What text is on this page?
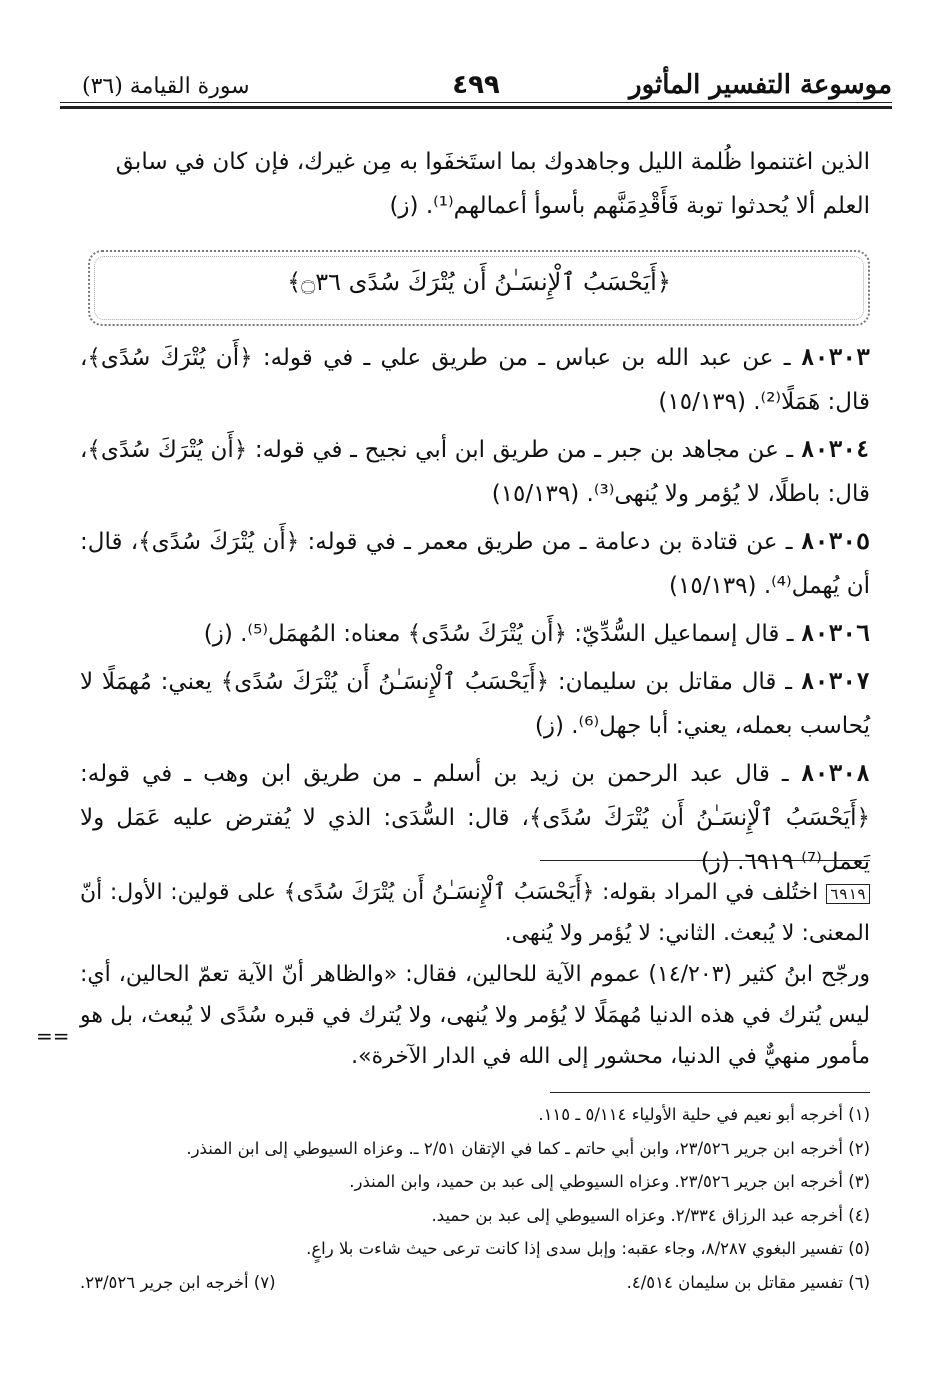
موسوعة التفسير المأثور
٤٩٩
سورة القيامة (٣٦)

الذين اغتنموا ظُلمة الليل وجاهدوك بما استَخفَوا به مِن غيرك، فإن كان في سابق

العلم ألا يُحدثوا توبة فَأَقْدِمَنَّهم بأسوأ أعمالهم⁽¹⁾. (ز)

﴿أَيَحْسَبُ ٱلْإِنسَـٰنُ أَن يُتْرَكَ سُدًى ۝٣٦﴾

٨٠٣٠٣ ـ عن عبد الله بن عباس ـ من طريق علي ـ في قوله: ﴿أَن يُتْرَكَ سُدًى﴾، قال: هَمَلًا⁽²⁾. (١٥/١٣٩)

٨٠٣٠٤ ـ عن مجاهد بن جبر ـ من طريق ابن أبي نجيح ـ في قوله: ﴿أَن يُتْرَكَ سُدًى﴾، قال: باطلًا، لا يُؤمر ولا يُنهى⁽³⁾. (١٥/١٣٩)

٨٠٣٠٥ ـ عن قتادة بن دعامة ـ من طريق معمر ـ في قوله: ﴿أَن يُتْرَكَ سُدًى﴾، قال: أن يُهمل⁽⁴⁾. (١٥/١٣٩)

٨٠٣٠٦ ـ قال إسماعيل السُّدِّيّ: ﴿أَن يُتْرَكَ سُدًى﴾ معناه: المُهمَل⁽⁵⁾. (ز)

٨٠٣٠٧ ـ قال مقاتل بن سليمان: ﴿أَيَحْسَبُ ٱلْإِنسَـٰنُ أَن يُتْرَكَ سُدًى﴾ يعني: مُهمَلًا لا يُحاسب بعمله، يعني: أبا جهل⁽⁶⁾. (ز)

٨٠٣٠٨ ـ قال عبد الرحمن بن زيد بن أسلم ـ من طريق ابن وهب ـ في قوله: ﴿أَيَحْسَبُ ٱلْإِنسَـٰنُ أَن يُتْرَكَ سُدًى﴾، قال: السُّدَى: الذي لا يُفترض عليه عَمَل ولا يَعمل⁽⁷⁾ ٦٩١٩. (ز)

٦٩١٩ اختُلف في المراد بقوله: ﴿أَيَحْسَبُ ٱلْإِنسَـٰنُ أَن يُتْرَكَ سُدًى﴾ على قولين: الأول: أنّ المعنى: لا يُبعث. الثاني: لا يُؤمر ولا يُنهى.

ورجّح ابنُ كثير (١٤/٢٠٣) عموم الآية للحالين، فقال: «والظاهر أنّ الآية تعمّ الحالين، أي: ليس يُترك في هذه الدنيا مُهمَلًا لا يُؤمر ولا يُنهى، ولا يُترك في قبره سُدًى لا يُبعث، بل هو مأمور منهيٌّ في الدنيا، محشور إلى الله في الدار الآخرة».

==

(١) أخرجه أبو نعيم في حلية الأولياء ٥/١١٤ ـ ١١٥.

(٢) أخرجه ابن جرير ٢٣/٥٢٦، وابن أبي حاتم ـ كما في الإتقان ٢/٥١ ـ. وعزاه السيوطي إلى ابن المنذر.

(٣) أخرجه ابن جرير ٢٣/٥٢٦. وعزاه السيوطي إلى عبد بن حميد، وابن المنذر.

(٤) أخرجه عبد الرزاق ٢/٣٣٤. وعزاه السيوطي إلى عبد بن حميد.

(٥) تفسير البغوي ٨/٢٨٧، وجاء عقبه: وإبل سدى إذا كانت ترعى حيث شاءت بلا راعٍ.

(٦) تفسير مقاتل بن سليمان ٤/٥١٤.
(٧) أخرجه ابن جرير ٢٣/٥٢٦.
